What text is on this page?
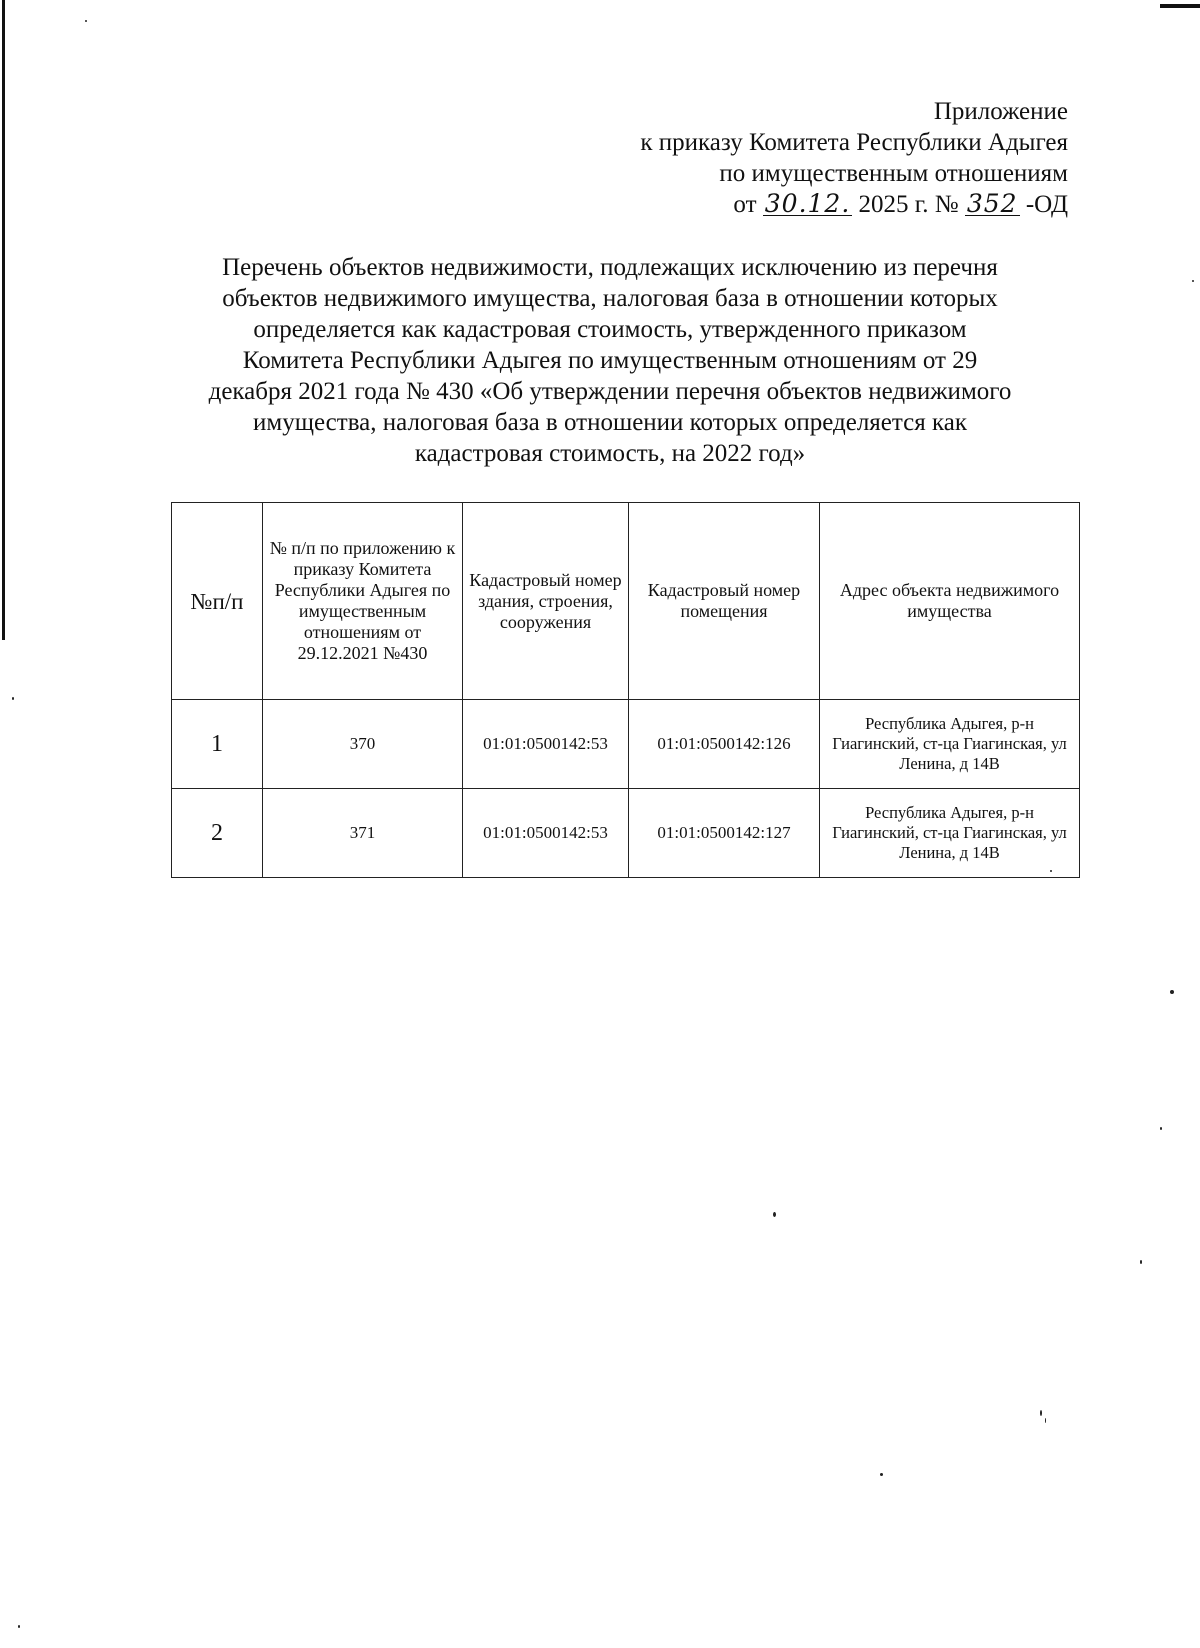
Приложение
к приказу Комитета Республики Адыгея
по имущественным отношениям
от 30.12. 2025 г. № 352 -ОД
Перечень объектов недвижимости, подлежащих исключению из перечня
объектов недвижимого имущества, налоговая база в отношении которых
определяется как кадастровая стоимость, утвержденного приказом
Комитета Республики Адыгея по имущественным отношениям от 29
декабря 2021 года № 430 «Об утверждении перечня объектов недвижимого
имущества, налоговая база в отношении которых определяется как
кадастровая стоимость, на 2022 год»
№п/п	№ п/п по приложению к приказу Комитета Республики Адыгея по имущественным отношениям от 29.12.2021 №430	Кадастровый номер здания, строения, сооружения	Кадастровый номер помещения	Адрес объекта недвижимого имущества
1	370	01:01:0500142:53	01:01:0500142:126	Республика Адыгея, р-н Гиагинский, ст-ца Гиагинская, ул Ленина, д 14В
2	371	01:01:0500142:53	01:01:0500142:127	Республика Адыгея, р-н Гиагинский, ст-ца Гиагинская, ул Ленина, д 14В
